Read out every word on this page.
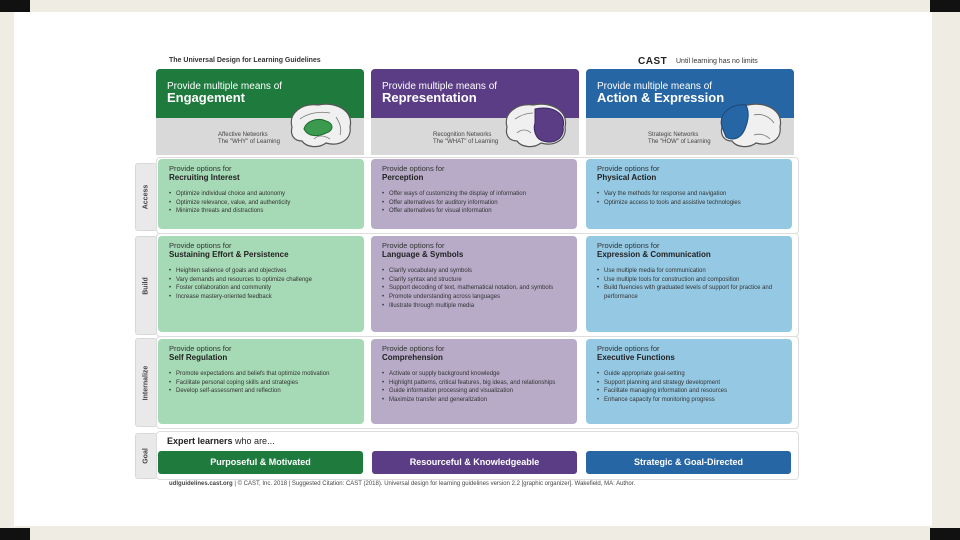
The Universal Design for Learning Guidelines	CAST Until learning has no limits
Provide multiple means of
Engagement
Affective Networks
The "WHY" of Learning
Provide multiple means of
Representation
Recognition Networks
The "WHAT" of Learning
Provide multiple means of
Action & Expression
Strategic Networks
The "HOW" of Learning
Access
Build
Internalize
Goal
Provide options for
Recruiting Interest
• Optimize individual choice and autonomy
• Optimize relevance, value, and authenticity
• Minimize threats and distractions
Provide options for
Perception
• Offer ways of customizing the display of information
• Offer alternatives for auditory information
• Offer alternatives for visual information
Provide options for
Physical Action
• Vary the methods for response and navigation
• Optimize access to tools and assistive technologies
Provide options for
Sustaining Effort & Persistence
• Heighten salience of goals and objectives
• Vary demands and resources to optimize challenge
• Foster collaboration and community
• Increase mastery-oriented feedback
Provide options for
Language & Symbols
• Clarify vocabulary and symbols
• Clarify syntax and structure
• Support decoding of text, mathematical notation, and symbols
• Promote understanding across languages
• Illustrate through multiple media
Provide options for
Expression & Communication
• Use multiple media for communication
• Use multiple tools for construction and composition
• Build fluencies with graduated levels of support for practice and performance
Provide options for
Self Regulation
• Promote expectations and beliefs that optimize motivation
• Facilitate personal coping skills and strategies
• Develop self-assessment and reflection
Provide options for
Comprehension
• Activate or supply background knowledge
• Highlight patterns, critical features, big ideas, and relationships
• Guide information processing and visualization
• Maximize transfer and generalization
Provide options for
Executive Functions
• Guide appropriate goal-setting
• Support planning and strategy development
• Facilitate managing information and resources
• Enhance capacity for monitoring progress
Expert learners who are...
Purposeful & Motivated	Resourceful & Knowledgeable	Strategic & Goal-Directed
udlguidelines.cast.org | © CAST, Inc. 2018 | Suggested Citation: CAST (2018). Universal design for learning guidelines version 2.2 [graphic organizer]. Wakefield, MA: Author.
